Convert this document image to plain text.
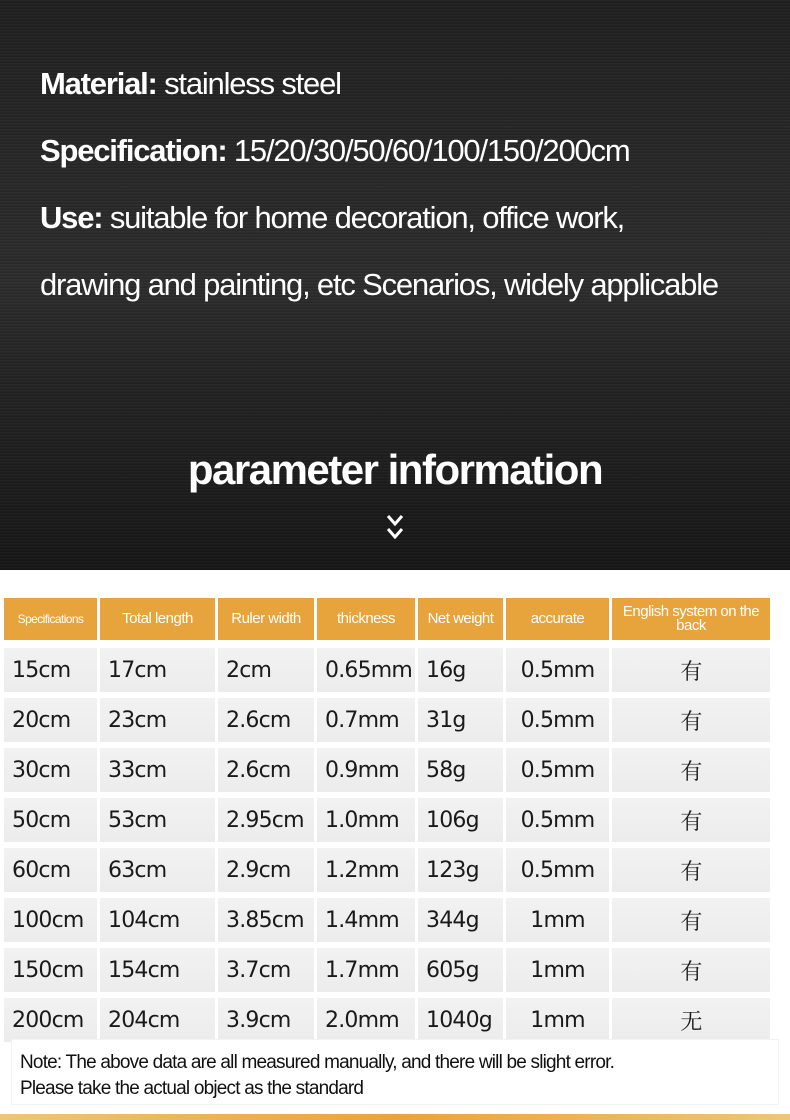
Material: stainless steel
Specification: 15/20/30/50/60/100/150/200cm
Use: suitable for home decoration, office work,
drawing and painting, etc Scenarios, widely applicable
parameter information
Specifications	Total length	Ruler width	thickness	Net weight	accurate	English system on the back
15cm	17cm	2cm	0.65mm 16g	0.5mm	有
20cm	23cm	2.6cm	0.7mm	31g	0.5mm	有
30cm	33cm	2.6cm	0.9mm	58g	0.5mm	有
50cm	53cm	2.95cm 1.0mm	106g	0.5mm	有
60cm	63cm	2.9cm	1.2mm	123g	0.5mm	有
100cm	104cm	3.85cm 1.4mm	344g	1mm	有
150cm	154cm	3.7cm	1.7mm	605g	1mm	有
200cm	204cm	3.9cm	2.0mm	1040g	1mm	无
Note: The above data are all measured manually, and there will be slight error.
Please take the actual object as the standard
